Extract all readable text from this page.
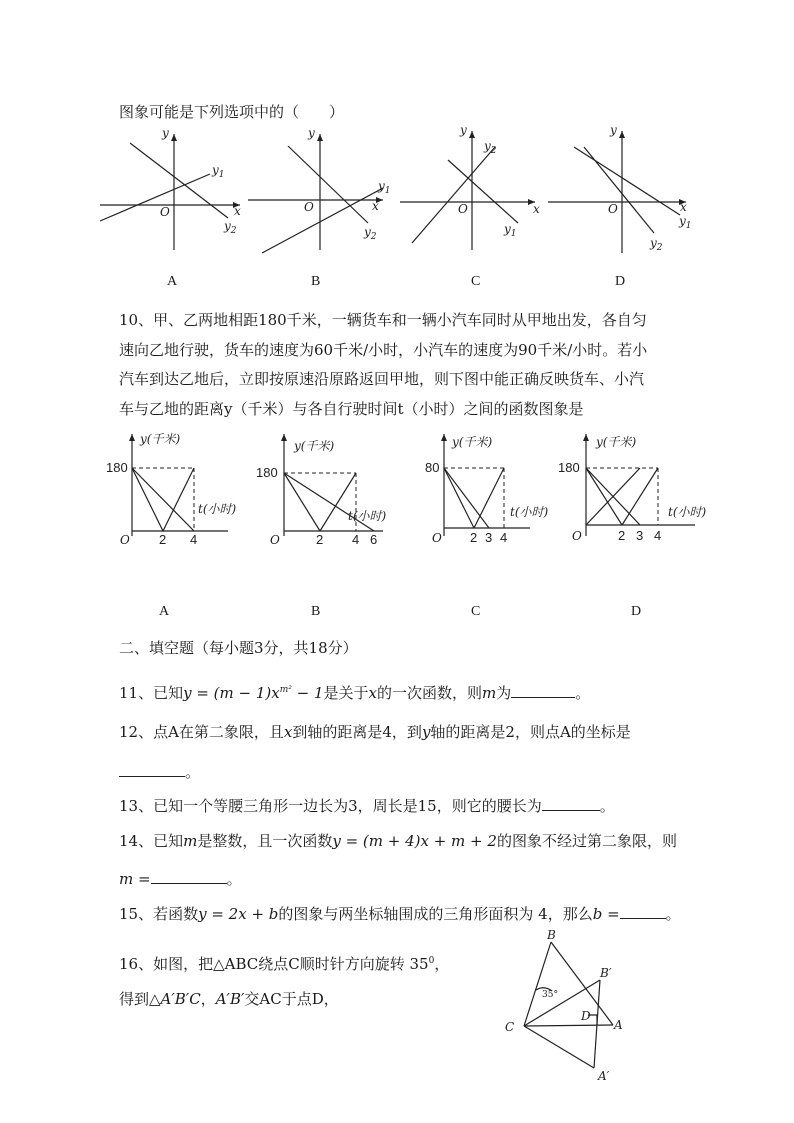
图象可能是下列选项中的（　　）
y
x
O
$y_1$
$y_2$
y
x
O
$y_1$
$y_2$
y
x
O
$y_2$
$y_1$
y
x
O
$y_1$
$y_2$
A	B	C	D
10、甲、乙两地相距180千米，一辆货车和一辆小汽车同时从甲地出发，各自匀
速向乙地行驶，货车的速度为60千米/小时，小汽车的速度为90千米/小时。若小
汽车到达乙地后，立即按原速沿原路返回甲地，则下图中能正确反映货车、小汽
车与乙地的距离y（千米）与各自行驶时间t（小时）之间的函数图象是
y(千米)
180
t(小时)
O 2 4
y(千米)
180
t(小时)
O	2 4 6
y(千米)
80
t(小时)
O 2 3 4
y(千米)
180
t(小时)
O	2 3 4
A	B	C	D
二、填空题（每小题3分，共18分）
11、已知$y = (m - 1)x^{m^2} - 1$是关于x的一次函数，则m为	。
12、点A在第二象限，且x到轴的距离是4，到y轴的距离是2，则点A的坐标是
。
13、已知一个等腰三角形一边长为3，周长是15，则它的腰长为	。
14、已知m是整数，且一次函数y = (m + 4)x + m + 2的图象不经过第二象限，则
m =	。
15、若函数y = 2x + b的图象与两坐标轴围成的三角形面积为 4，那么b =	。
16、如图，把△ABC绕点C顺时针方向旋转 $35^0$，
得到△A′B′C，A′B′交AC于点D，
B
B′
C
D
A
A′
35°
